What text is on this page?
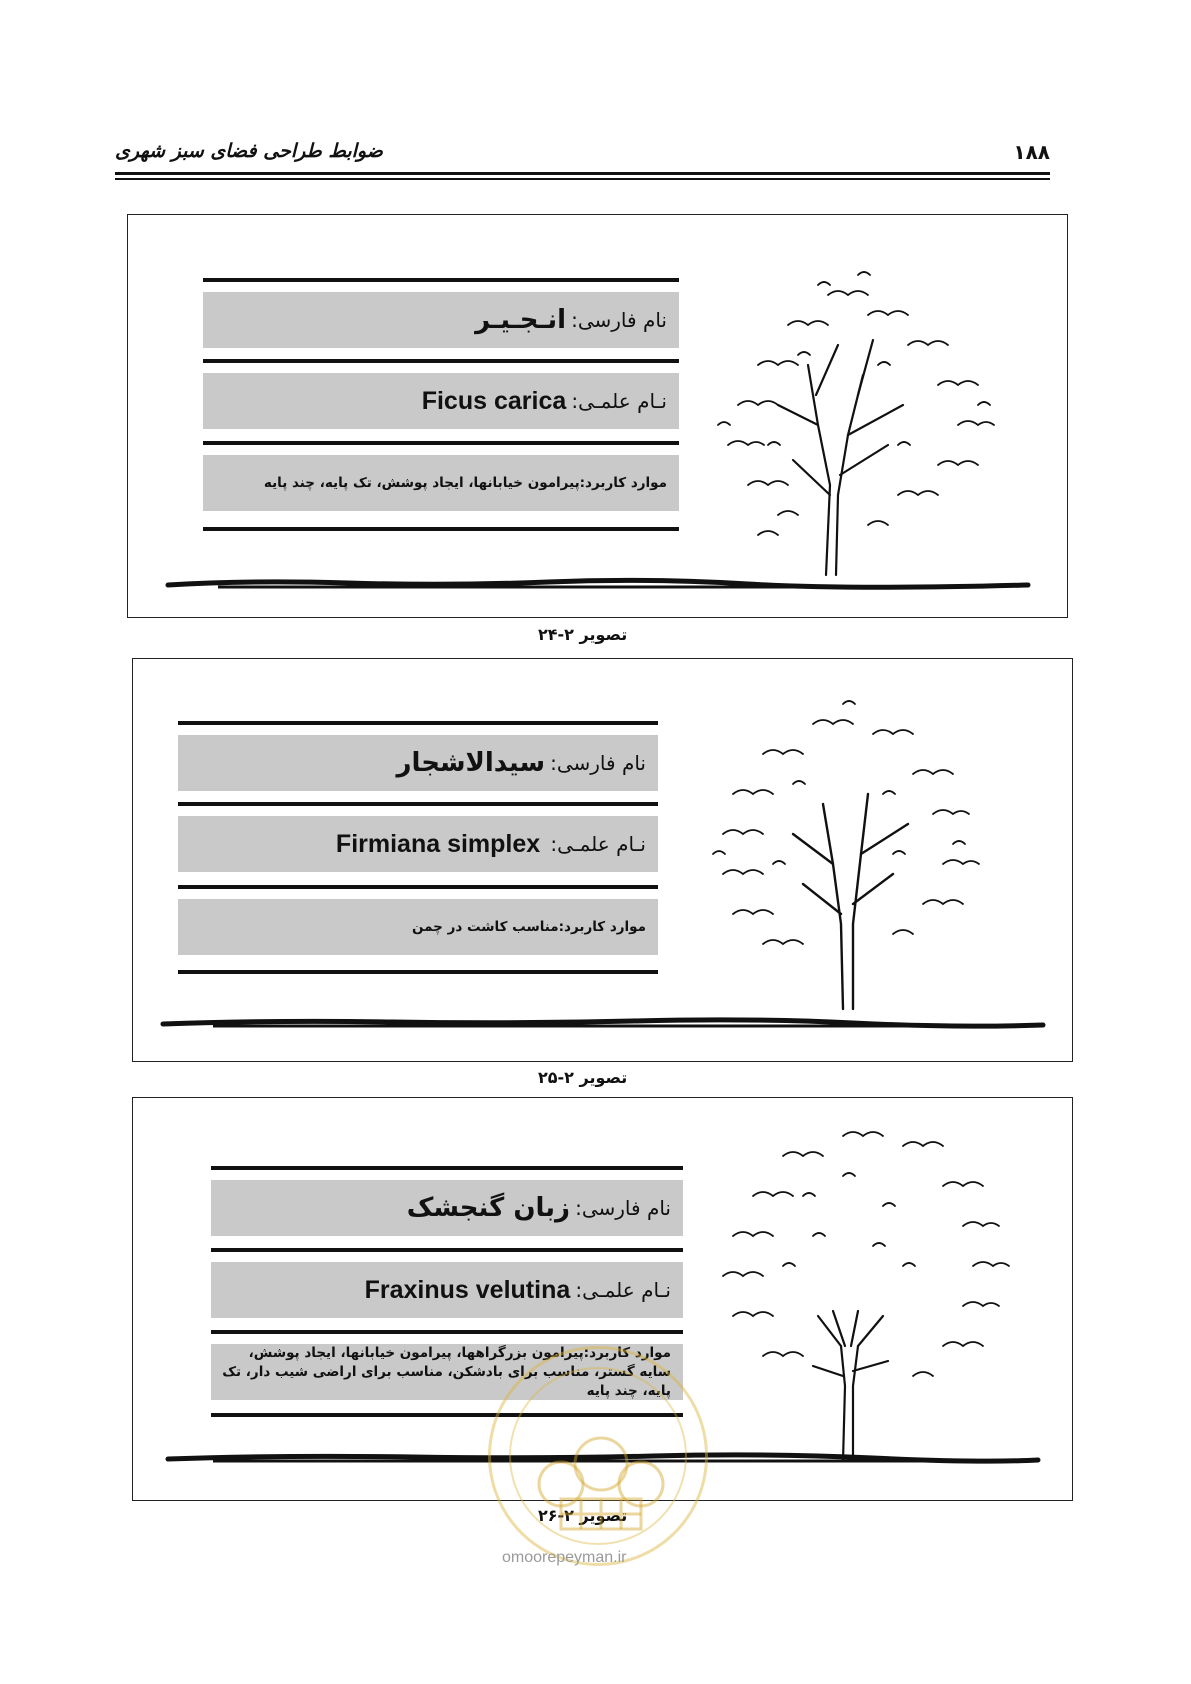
ضوابط طراحی فضای سبز شهری	۱۸۸
نام فارسی:

انـجـیـر
نـام علمـی:

Ficus carica
موارد کاربرد:پیرامون خیابانها، ایجاد پوشش، تک پایه، چند پایه
تصویر ۲-۲۴
نام فارسی:

سیدالاشجار
نـام علمـی:

Firmiana simplex
موارد کاربرد:مناسب کاشت در چمن
تصویر ۲-۲۵
نام فارسی:

زبان گنجشک
نـام علمـی:

Fraxinus velutina
موارد کاربرد:پیرامون بزرگراهها، پیرامون خیابانها، ایجاد پوشش، سایه گستر، مناسب برای بادشکن، مناسب برای اراضی شیب دار، تک پایه، چند پایه
تصویر ۲-۲۶
omoorepeyman.ir
